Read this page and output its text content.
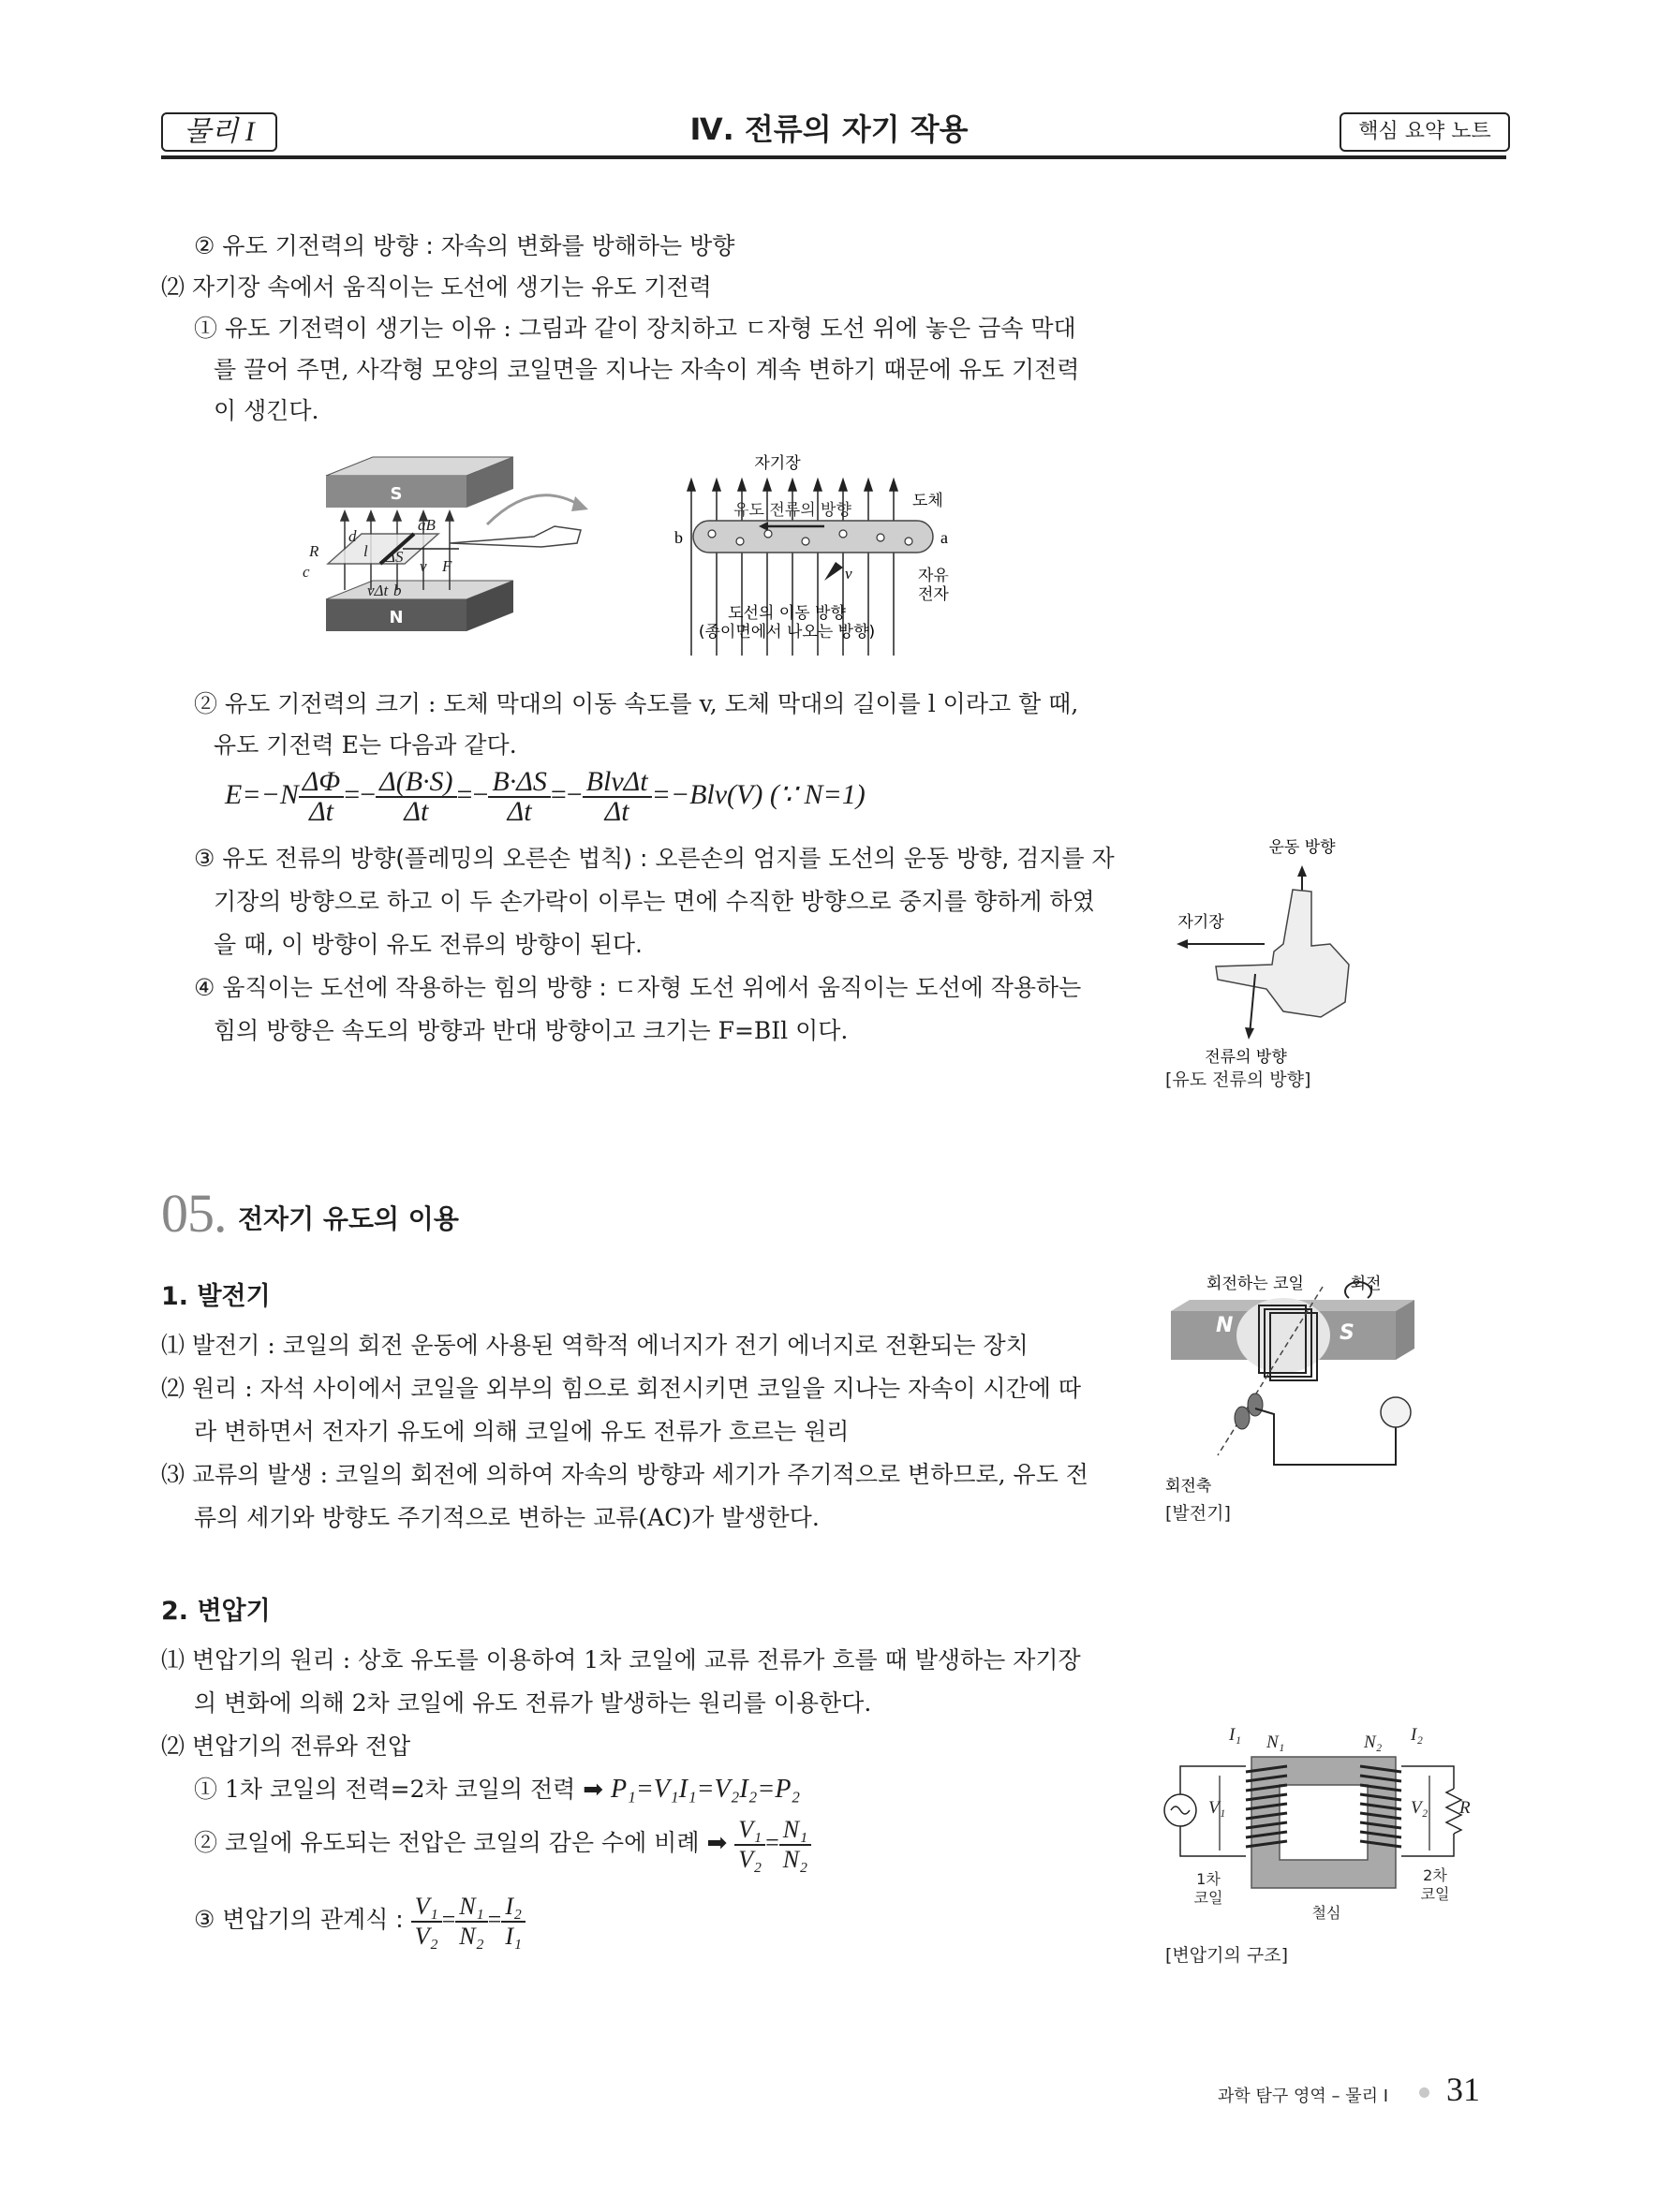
물리 I	Ⅳ. 전류의 자기 작용	핵심 요약 노트
② 유도 기전력의 방향 : 자속의 변화를 방해하는 방향
⑵ 자기장 속에서 움직이는 도선에 생기는 유도 기전력
① 유도 기전력이 생기는 이유 : 그림과 같이 장치하고 ㄷ자형 도선 위에 놓은 금속 막대
를 끌어 주면, 사각형 모양의 코일면을 지나는 자속이 계속 변하기 때문에 유도 기전력
이 생긴다.
S
N
R
c
d
l ΔS
aB
v F
vΔt b
자기장
유도 전류의 방향	도체
b	a
v	자유
전자
도선의 이동 방향
(종이면에서 나오는 방향)
② 유도 기전력의 크기 : 도체 막대의 이동 속도를 v, 도체 막대의 길이를 l 이라고 할 때,
유도 기전력 E는 다음과 같다.
$E=-N \frac{\Delta\Phi}{\Delta t} =- \frac{\Delta(B\cdot S)}{\Delta t} =- \frac{B\cdot\Delta S}{\Delta t} =- \frac{\text{BlvΔt}}{\Delta t} =-Blv(V)$ (∵ N=1)
③ 유도 전류의 방향(플레밍의 오른손 법칙) : 오른손의 엄지를 도선의 운동 방향, 검지를 자
기장의 방향으로 하고 이 두 손가락이 이루는 면에 수직한 방향으로 중지를 향하게 하였
을 때, 이 방향이 유도 전류의 방향이 된다.
④ 움직이는 도선에 작용하는 힘의 방향 : ㄷ자형 도선 위에서 움직이는 도선에 작용하는
힘의 방향은 속도의 방향과 반대 방향이고 크기는 F=BIl 이다.
운동 방향
자기장
전류의 방향
[유도 전류의 방향]
05. 전자기 유도의 이용
1. 발전기
⑴ 발전기 : 코일의 회전 운동에 사용된 역학적 에너지가 전기 에너지로 전환되는 장치
⑵ 원리 : 자석 사이에서 코일을 외부의 힘으로 회전시키면 코일을 지나는 자속이 시간에 따
라 변하면서 전자기 유도에 의해 코일에 유도 전류가 흐르는 원리
⑶ 교류의 발생 : 코일의 회전에 의하여 자속의 방향과 세기가 주기적으로 변하므로, 유도 전
류의 세기와 방향도 주기적으로 변하는 교류(AC)가 발생한다.
회전하는 코일	회전
N	S
회전축
[발전기]
2. 변압기
⑴ 변압기의 원리 : 상호 유도를 이용하여 1차 코일에 교류 전류가 흐를 때 발생하는 자기장
의 변화에 의해 2차 코일에 유도 전류가 발생하는 원리를 이용한다.
⑵ 변압기의 전류와 전압
① 1차 코일의 전력=2차 코일의 전력 ➡ P₁=V₁I₁=V₂I₂=P₂
② 코일에 유도되는 전압은 코일의 감은 수에 비례 ➡ $\frac{\text{V₁}}{\text{V₂}} = \frac{\text{N₁}}{\text{N₂}}$
③ 변압기의 관계식 : $\frac{\text{V₁}}{\text{V₂}} = \frac{\text{N₁}}{\text{N₂}} = \frac{\text{I₂}}{\text{I₁}}$
I₁ N₁	N₂ I₂
V₁	V₂ R
1차
코일
2차
코일
철심
[변압기의 구조]
과학 탐구 영역 – 물리 I 31
